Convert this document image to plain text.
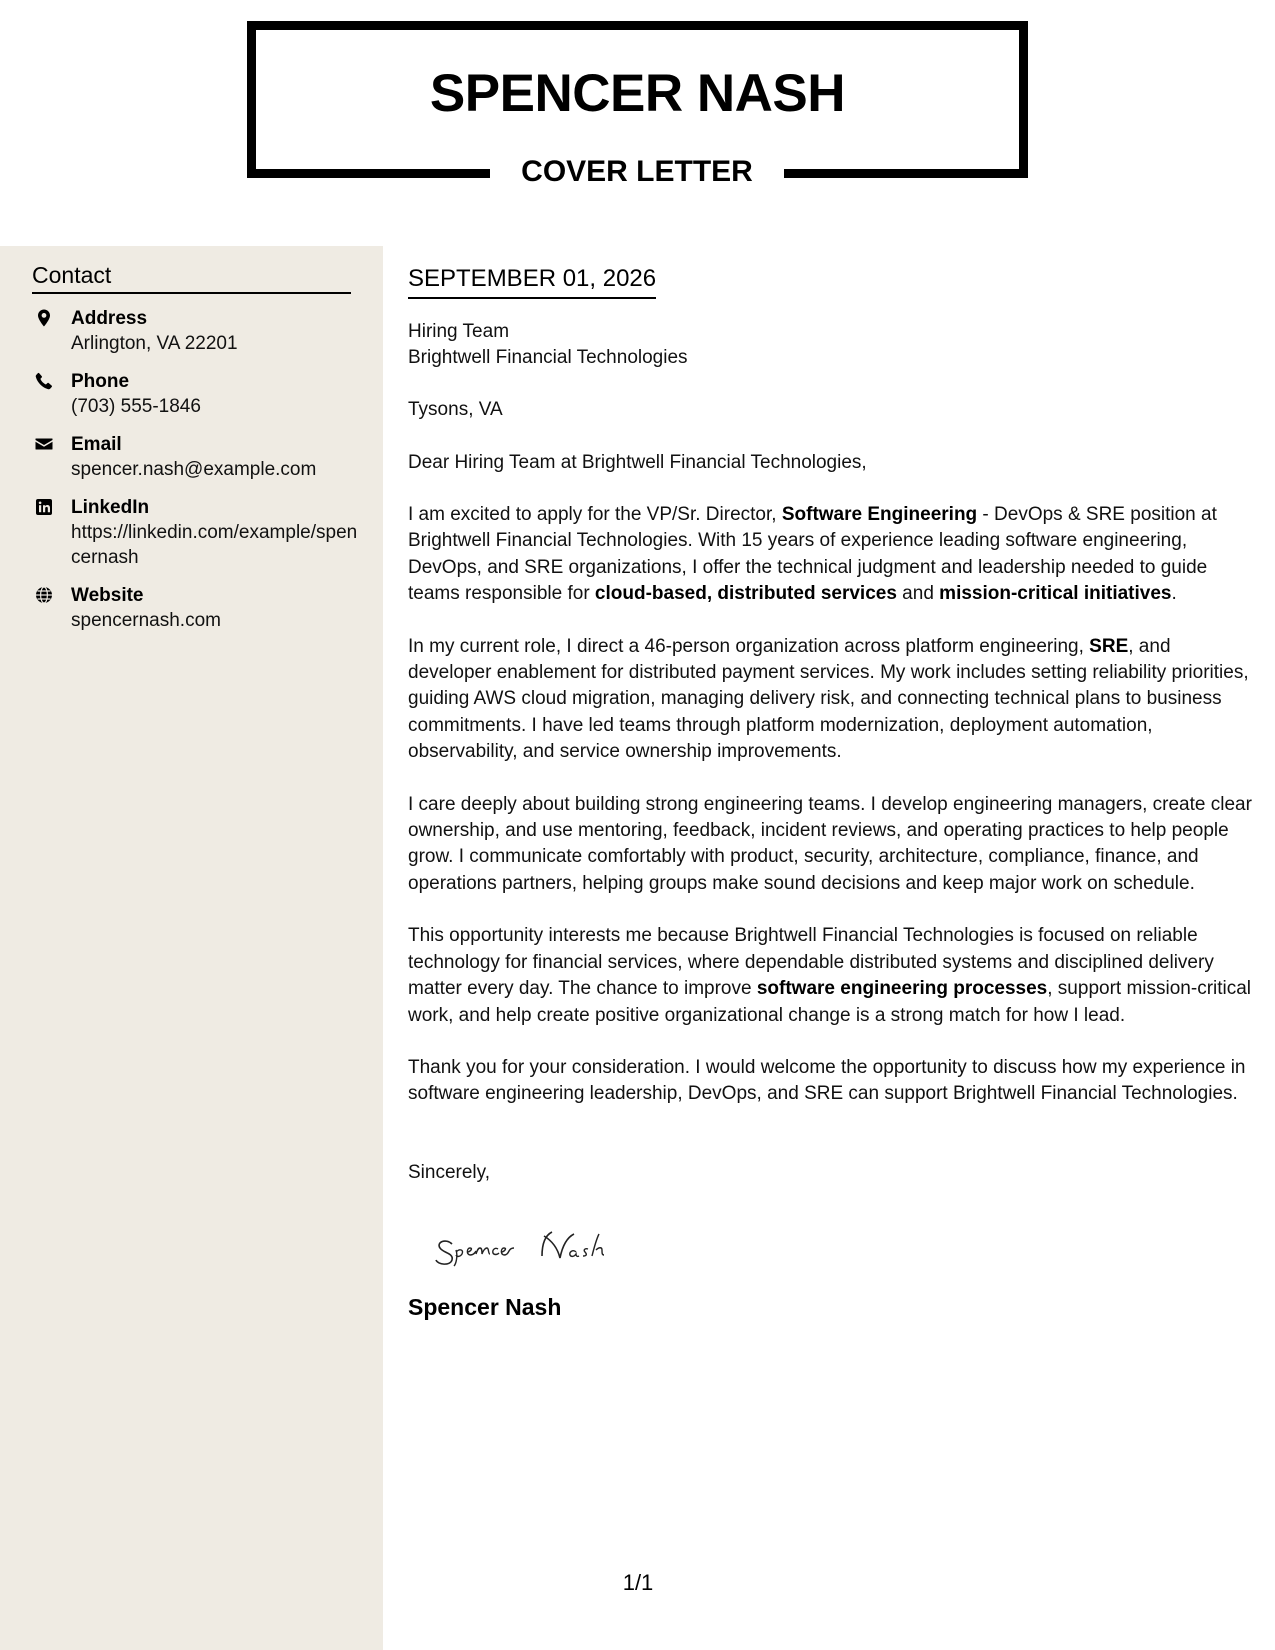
SPENCER NASH
COVER LETTER
Contact
Address
Arlington, VA 22201
Phone
(703) 555-1846
Email
spencer.nash@example.com
LinkedIn
https://linkedin.com/example/spencernash
Website
spencernash.com
SEPTEMBER 01, 2026
Hiring Team
Brightwell Financial Technologies
Tysons, VA
Dear Hiring Team at Brightwell Financial Technologies,
I am excited to apply for the VP/Sr. Director, Software Engineering - DevOps & SRE position at Brightwell Financial Technologies. With 15 years of experience leading software engineering, DevOps, and SRE organizations, I offer the technical judgment and leadership needed to guide teams responsible for cloud-based, distributed services and mission-critical initiatives.
In my current role, I direct a 46-person organization across platform engineering, SRE, and developer enablement for distributed payment services. My work includes setting reliability priorities, guiding AWS cloud migration, managing delivery risk, and connecting technical plans to business commitments. I have led teams through platform modernization, deployment automation, observability, and service ownership improvements.
I care deeply about building strong engineering teams. I develop engineering managers, create clear ownership, and use mentoring, feedback, incident reviews, and operating practices to help people grow. I communicate comfortably with product, security, architecture, compliance, finance, and operations partners, helping groups make sound decisions and keep major work on schedule.
This opportunity interests me because Brightwell Financial Technologies is focused on reliable technology for financial services, where dependable distributed systems and disciplined delivery matter every day. The chance to improve software engineering processes, support mission-critical work, and help create positive organizational change is a strong match for how I lead.
Thank you for your consideration. I would welcome the opportunity to discuss how my experience in software engineering leadership, DevOps, and SRE can support Brightwell Financial Technologies.
Sincerely,
Spencer Nash
1/1
